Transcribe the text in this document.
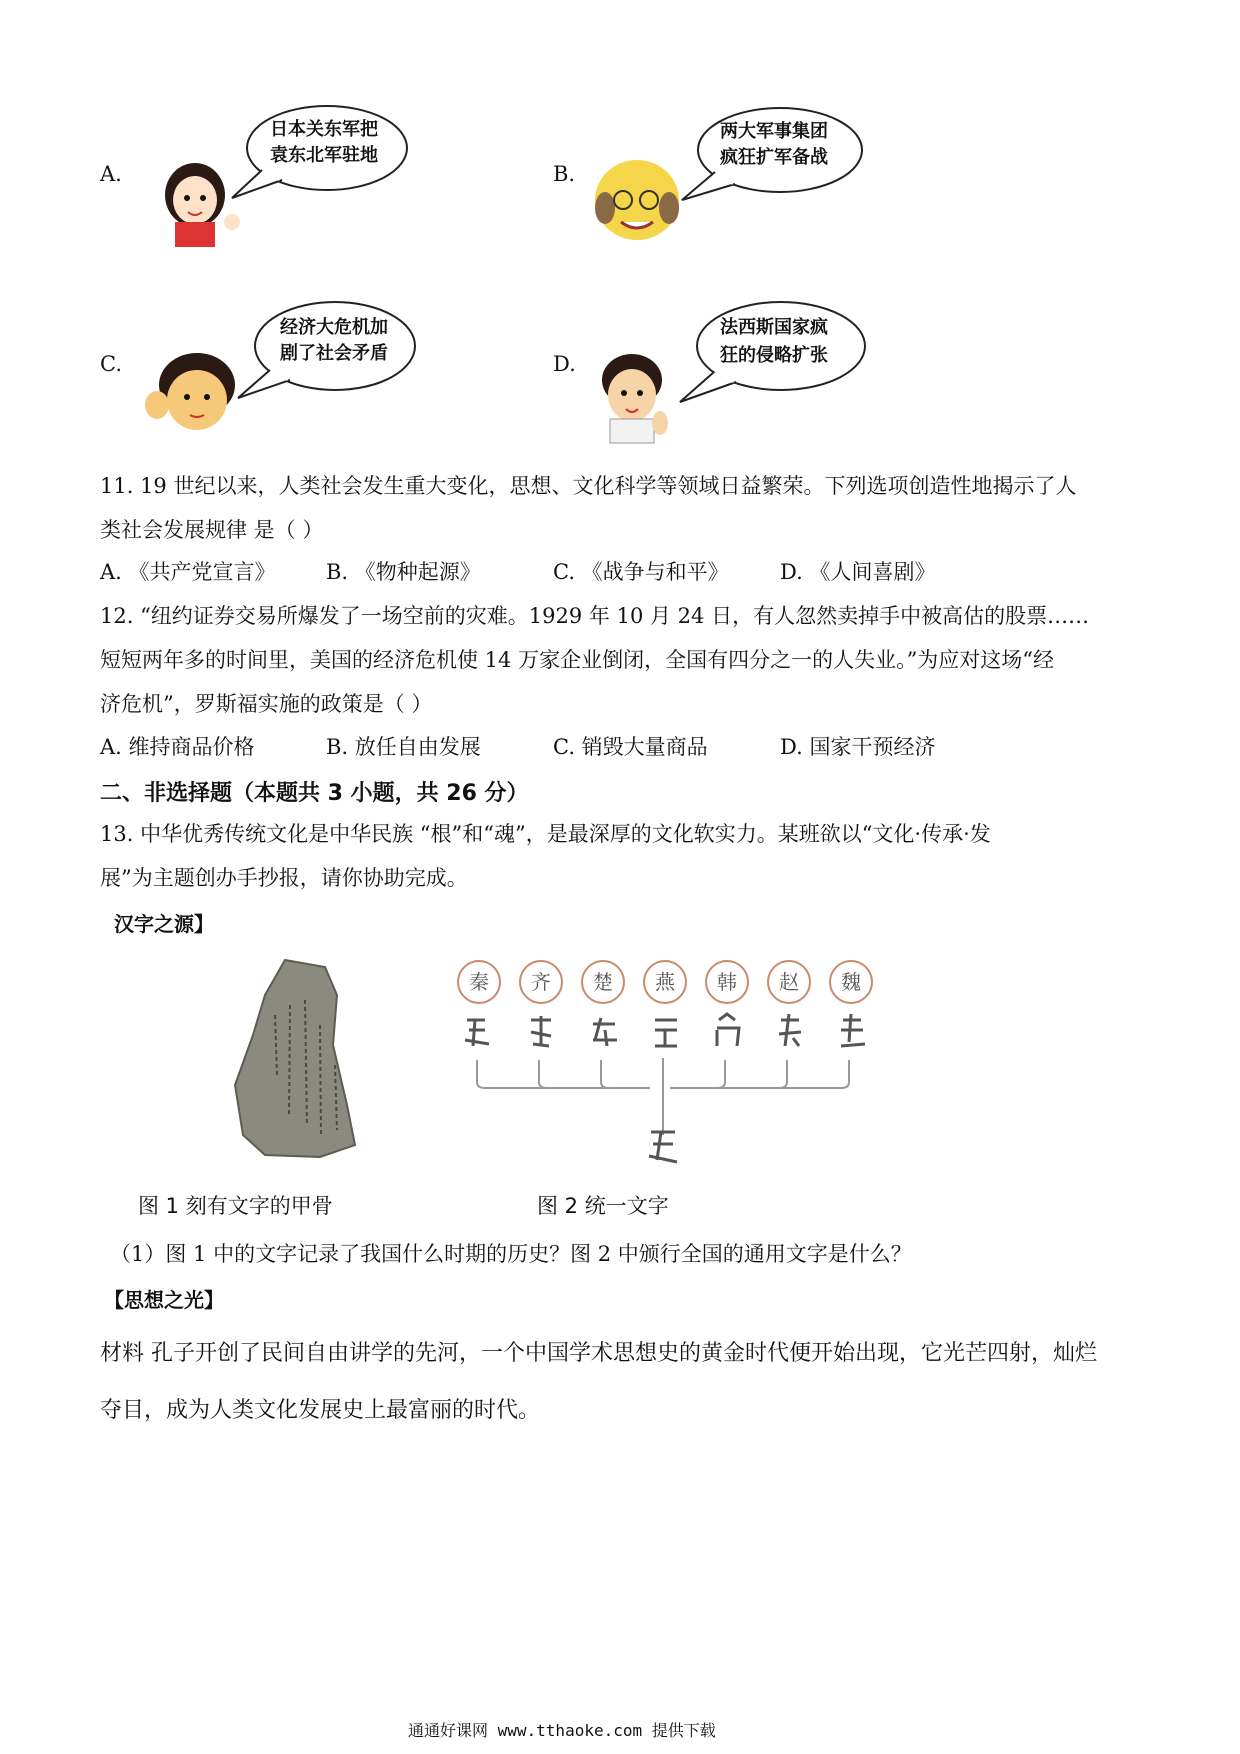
A.
日本关东军把
袁东北军驻地
B.
两大军事集团
疯狂扩军备战
C.
经济大危机加
剧了社会矛盾	D.
法西斯国家疯
狂的侵略扩张
11. 19 世纪以来，人类社会发生重大变化，思想、文化科学等领域日益繁荣。下列选项创造性地揭示了人
类社会发展规律 是（ ）
A. 《共产党宣言》 B. 《物种起源》	C. 《战争与和平》 D. 《人间喜剧》
12. “纽约证券交易所爆发了一场空前的灾难。1929 年 10 月 24 日，有人忽然卖掉手中被高估的股票……
短短两年多的时间里，美国的经济危机使 14 万家企业倒闭，全国有四分之一的人失业。”为应对这场“经
济危机”，罗斯福实施的政策是（ ）
A. 维持商品价格	B. 放任自由发展	C. 销毁大量商品	D. 国家干预经济
二、非选择题（本题共 3 小题，共 26 分）
13. 中华优秀传统文化是中华民族 “根”和“魂”，是最深厚的文化软实力。某班欲以“文化·传承·发
展”为主题创办手抄报，请你协助完成。
汉字之源】
图 1 刻有文字的甲骨
秦	齐	楚	燕	韩	赵	魏
图 2 统一文字
（1）图 1 中的文字记录了我国什么时期的历史？图 2 中颁行全国的通用文字是什么？
【思想之光】
材料 孔子开创了民间自由讲学的先河，一个中国学术思想史的黄金时代便开始出现，它光芒四射，灿烂
夺目，成为人类文化发展史上最富丽的时代。
通通好课网 www.tthaoke.com 提供下载
